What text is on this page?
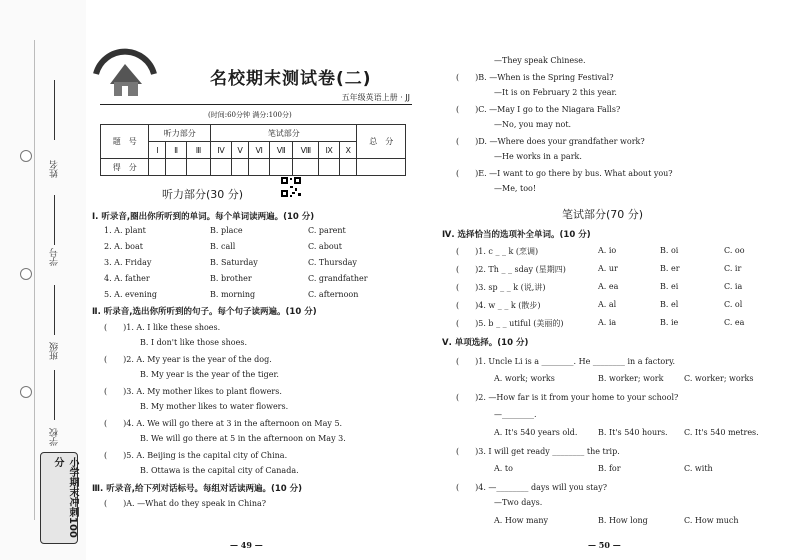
姓名
学号
班级
学校
小学期末冲刺100分
名校期末测试卷(二)
五年级英语上册 · JJ
(时间:60分钟 满分:100分)
题　号	听力部分			笔试部分							总　分
	Ⅰ	Ⅱ	Ⅲ	Ⅳ	Ⅴ	Ⅵ	Ⅶ	Ⅷ	Ⅸ	Ⅹ	
得　分											
听力部分(30 分)
Ⅰ. 听录音,圈出你所听到的单词。每个单词读两遍。(10 分)
1. A. plant	B. place	C. parent
2. A. boat	B. call	C. about
3. A. Friday	B. Saturday	C. Thursday
4. A. father	B. brother	C. grandfather
5. A. evening	B. morning	C. afternoon
Ⅱ. 听录音,选出你所听到的句子。每个句子读两遍。(10 分)
(　　)1. A. I like these shoes.
B. I don't like those shoes.
(　　)2. A. My year is the year of the dog.
B. My year is the year of the tiger.
(　　)3. A. My mother likes to plant flowers.
B. My mother likes to water flowers.
(　　)4. A. We will go there at 3 in the afternoon on May 5.
B. We will go there at 5 in the afternoon on May 3.
(　　)5. A. Beijing is the capital city of China.
B. Ottawa is the capital city of Canada.
Ⅲ. 听录音,给下列对话标号。每组对话读两遍。(10 分)
(　　)A. —What do they speak in China?
— 49 —
—They speak Chinese.
(　　)B. —When is the Spring Festival?
—It is on February 2 this year.
(　　)C. —May I go to the Niagara Falls?
—No, you may not.
(　　)D. —Where does your grandfather work?
—He works in a park.
(　　)E. —I want to go there by bus. What about you?
—Me, too!
笔试部分(70 分)
Ⅳ. 选择恰当的选项补全单词。(10 分)
(　　)1. c _ _ k (烹调)	A. io	B. oi	C. oo
(　　)2. Th _ _ sday (星期四)	A. ur	B. er	C. ir
(　　)3. sp _ _ k (说,讲)	A. ea	B. ei	C. ia
(　　)4. w _ _ k (散步)	A. al	B. el	C. ol
(　　)5. b _ _ utiful (美丽的)	A. ia	B. ie	C. ea
Ⅴ. 单项选择。(10 分)
(　　)1. Uncle Li is a ________. He ________ in a factory.
A. work; works	B. worker; work	C. worker; works
(　　)2. —How far is it from your home to your school?
—________.
A. It's 540 years old.	B. It's 540 hours. C. It's 540 metres.
(　　)3. I will get ready ________ the trip.
A. to	B. for	C. with
(　　)4. —________ days will you stay?
—Two days.
A. How many	B. How long	C. How much
— 50 —
